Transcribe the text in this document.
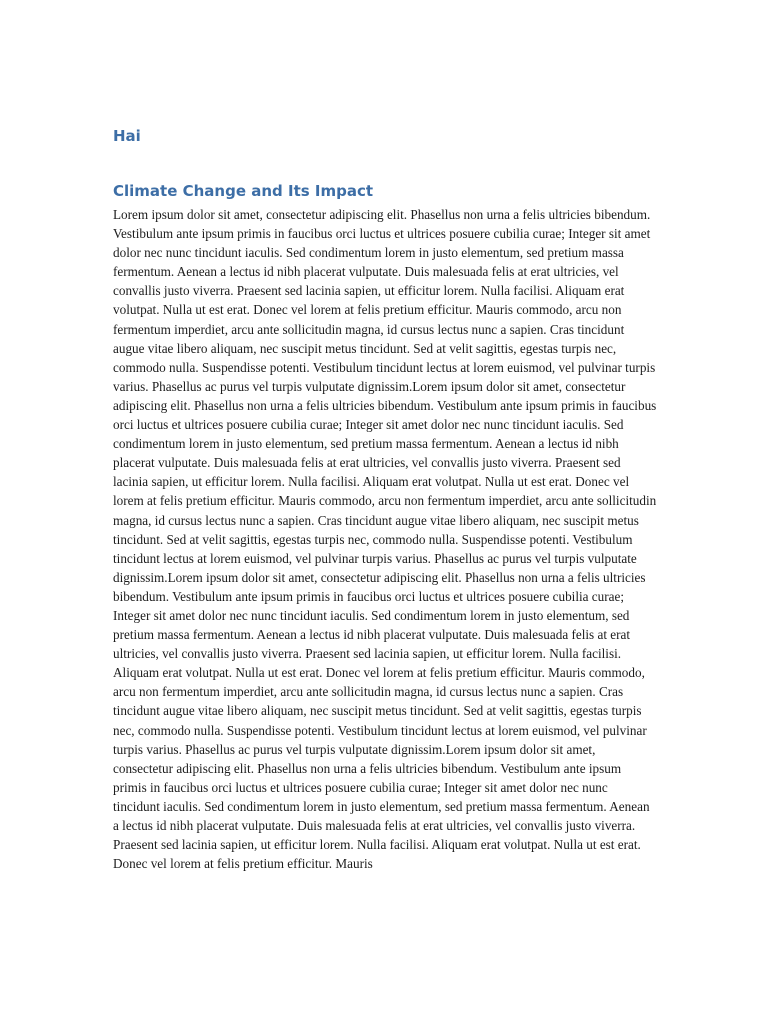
Hai
Climate Change and Its Impact

Lorem ipsum dolor sit amet, consectetur adipiscing elit. Phasellus non urna a felis ultricies bibendum. Vestibulum ante ipsum primis in faucibus orci luctus et ultrices posuere cubilia curae; Integer sit amet dolor nec nunc tincidunt iaculis. Sed condimentum lorem in justo elementum, sed pretium massa fermentum. Aenean a lectus id nibh placerat vulputate. Duis malesuada felis at erat ultricies, vel convallis justo viverra. Praesent sed lacinia sapien, ut efficitur lorem. Nulla facilisi. Aliquam erat volutpat. Nulla ut est erat. Donec vel lorem at felis pretium efficitur. Mauris commodo, arcu non fermentum imperdiet, arcu ante sollicitudin magna, id cursus lectus nunc a sapien. Cras tincidunt augue vitae libero aliquam, nec suscipit metus tincidunt. Sed at velit sagittis, egestas turpis nec, commodo nulla. Suspendisse potenti. Vestibulum tincidunt lectus at lorem euismod, vel pulvinar turpis varius. Phasellus ac purus vel turpis vulputate dignissim.Lorem ipsum dolor sit amet, consectetur adipiscing elit. Phasellus non urna a felis ultricies bibendum. Vestibulum ante ipsum primis in faucibus orci luctus et ultrices posuere cubilia curae; Integer sit amet dolor nec nunc tincidunt iaculis. Sed condimentum lorem in justo elementum, sed pretium massa fermentum. Aenean a lectus id nibh placerat vulputate. Duis malesuada felis at erat ultricies, vel convallis justo viverra. Praesent sed lacinia sapien, ut efficitur lorem. Nulla facilisi. Aliquam erat volutpat. Nulla ut est erat. Donec vel lorem at felis pretium efficitur. Mauris commodo, arcu non fermentum imperdiet, arcu ante sollicitudin magna, id cursus lectus nunc a sapien. Cras tincidunt augue vitae libero aliquam, nec suscipit metus tincidunt. Sed at velit sagittis, egestas turpis nec, commodo nulla. Suspendisse potenti. Vestibulum tincidunt lectus at lorem euismod, vel pulvinar turpis varius. Phasellus ac purus vel turpis vulputate dignissim.Lorem ipsum dolor sit amet, consectetur adipiscing elit. Phasellus non urna a felis ultricies bibendum. Vestibulum ante ipsum primis in faucibus orci luctus et ultrices posuere cubilia curae; Integer sit amet dolor nec nunc tincidunt iaculis. Sed condimentum lorem in justo elementum, sed pretium massa fermentum. Aenean a lectus id nibh placerat vulputate. Duis malesuada felis at erat ultricies, vel convallis justo viverra. Praesent sed lacinia sapien, ut efficitur lorem. Nulla facilisi. Aliquam erat volutpat. Nulla ut est erat. Donec vel lorem at felis pretium efficitur. Mauris commodo, arcu non fermentum imperdiet, arcu ante sollicitudin magna, id cursus lectus nunc a sapien. Cras tincidunt augue vitae libero aliquam, nec suscipit metus tincidunt. Sed at velit sagittis, egestas turpis nec, commodo nulla. Suspendisse potenti. Vestibulum tincidunt lectus at lorem euismod, vel pulvinar turpis varius. Phasellus ac purus vel turpis vulputate dignissim.Lorem ipsum dolor sit amet, consectetur adipiscing elit. Phasellus non urna a felis ultricies bibendum. Vestibulum ante ipsum primis in faucibus orci luctus et ultrices posuere cubilia curae; Integer sit amet dolor nec nunc tincidunt iaculis. Sed condimentum lorem in justo elementum, sed pretium massa fermentum. Aenean a lectus id nibh placerat vulputate. Duis malesuada felis at erat ultricies, vel convallis justo viverra. Praesent sed lacinia sapien, ut efficitur lorem. Nulla facilisi. Aliquam erat volutpat. Nulla ut est erat. Donec vel lorem at felis pretium efficitur. Mauris
